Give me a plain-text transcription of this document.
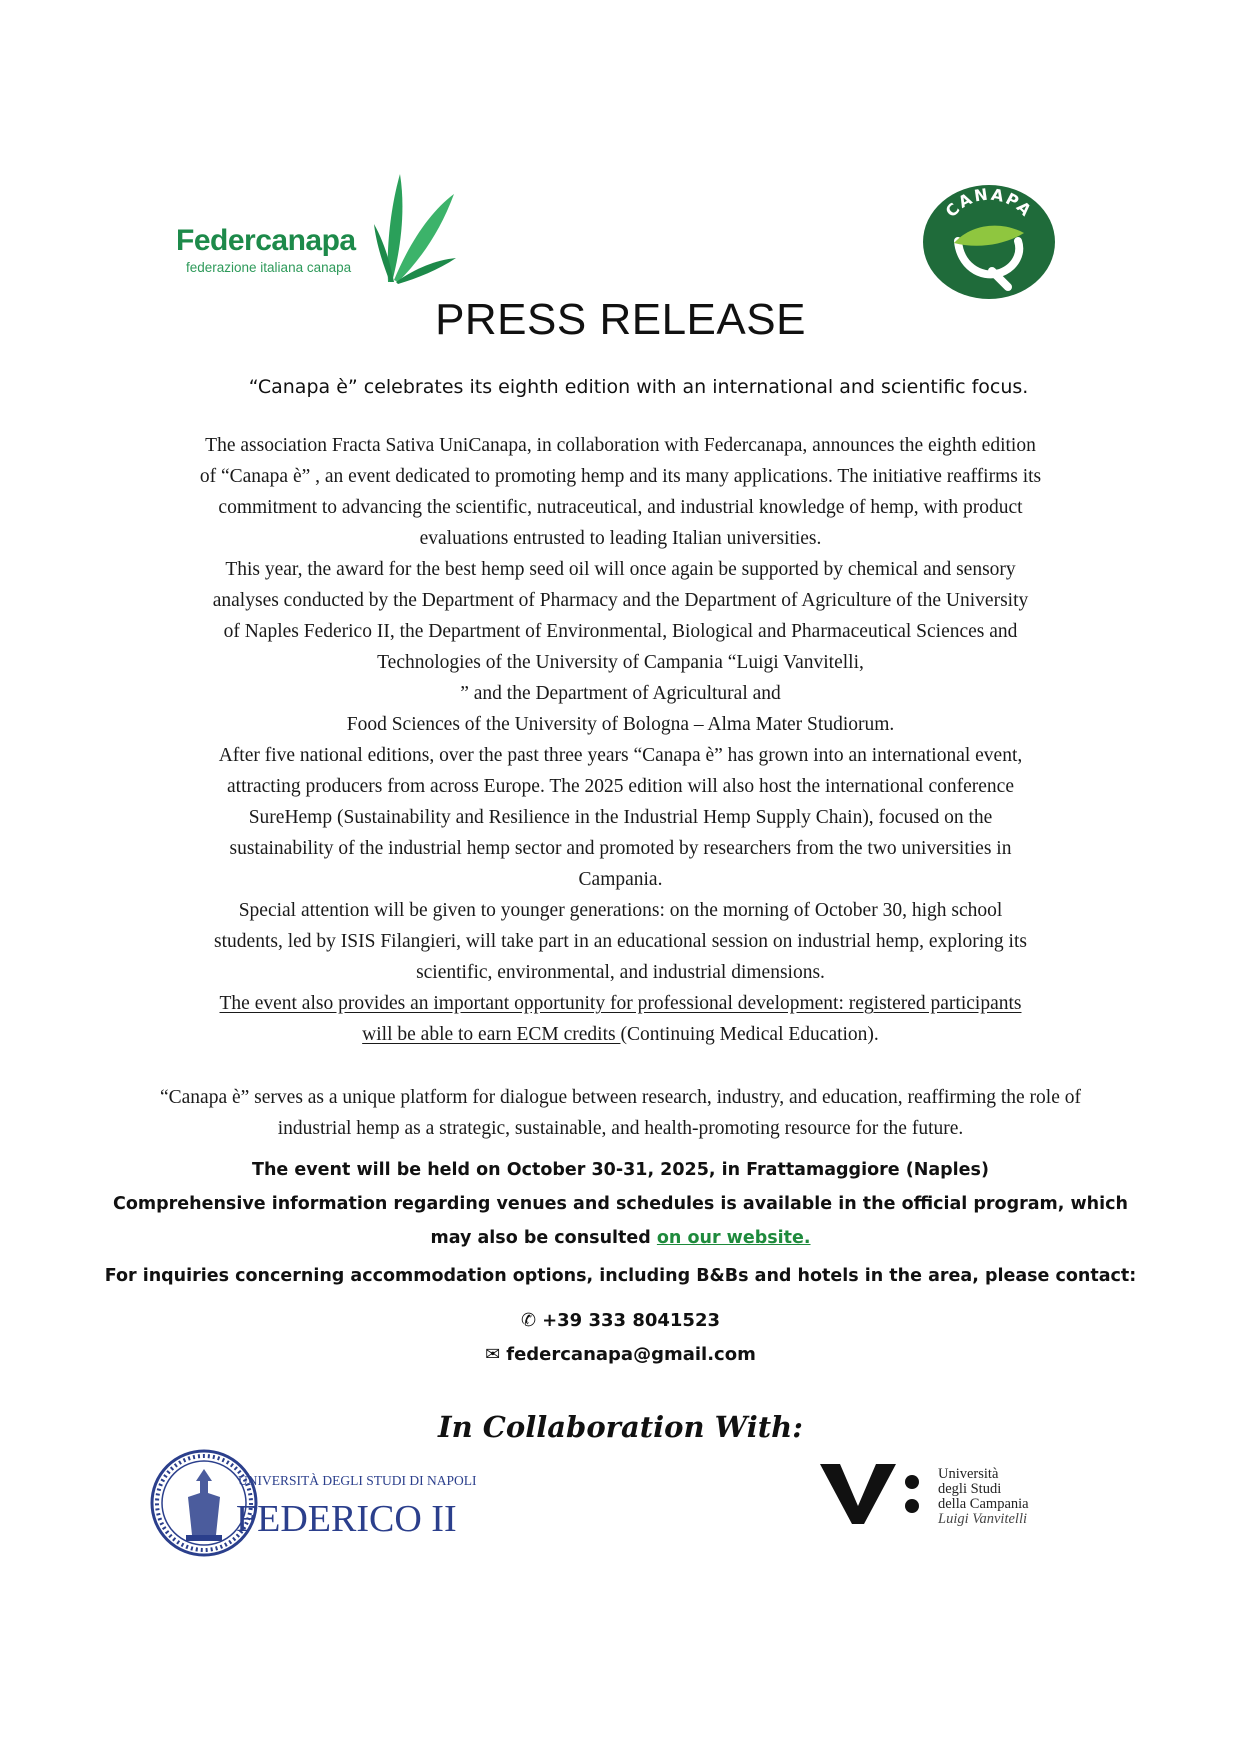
Federcanapa
federazione italiana canapa
CANAPA
PRESS RELEASE
“Canapa è” celebrates its eighth edition with an international and scientific focus.
The association Fracta Sativa UniCanapa, in collaboration with Federcanapa, announces the eighth edition
of “Canapa è” , an event dedicated to promoting hemp and its many applications. The initiative reaffirms its
commitment to advancing the scientific, nutraceutical, and industrial knowledge of hemp, with product
evaluations entrusted to leading Italian universities.
This year, the award for the best hemp seed oil will once again be supported by chemical and sensory
analyses conducted by the Department of Pharmacy and the Department of Agriculture of the University
of Naples Federico II, the Department of Environmental, Biological and Pharmaceutical Sciences and
Technologies of the University of Campania “Luigi Vanvitelli,
” and the Department of Agricultural and
Food Sciences of the University of Bologna – Alma Mater Studiorum.
After five national editions, over the past three years “Canapa è” has grown into an international event,
attracting producers from across Europe. The 2025 edition will also host the international conference
SureHemp (Sustainability and Resilience in the Industrial Hemp Supply Chain), focused on the
sustainability of the industrial hemp sector and promoted by researchers from the two universities in
Campania.
Special attention will be given to younger generations: on the morning of October 30, high school
students, led by ISIS Filangieri, will take part in an educational session on industrial hemp, exploring its
scientific, environmental, and industrial dimensions.
The event also provides an important opportunity for professional development: registered participants
will be able to earn ECM credits (Continuing Medical Education).
“Canapa è” serves as a unique platform for dialogue between research, industry, and education, reaffirming the role of
industrial hemp as a strategic, sustainable, and health-promoting resource for the future.
The event will be held on October 30-31, 2025, in Frattamaggiore (Naples)
Comprehensive information regarding venues and schedules is available in the official program, which
may also be consulted on our website.
For inquiries concerning accommodation options, including B&Bs and hotels in the area, please contact:
✆ +39 333 8041523
✉ federcanapa@gmail.com
In Collaboration With:
UNIVERSITÀ DEGLI STUDI DI NAPOLI
FEDERICO II
Università
degli Studi
della Campania
Luigi Vanvitelli
